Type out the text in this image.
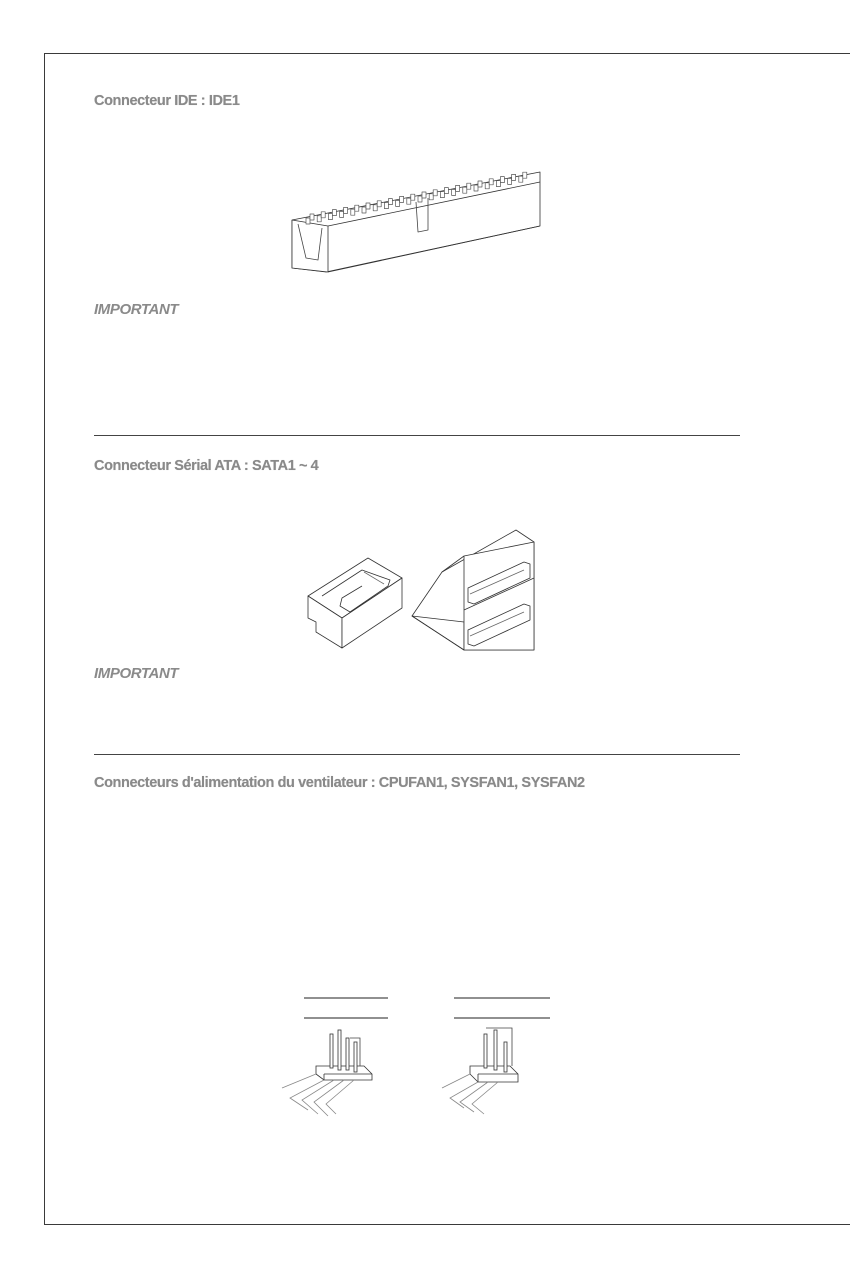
Connecteur IDE : IDE1
IMPORTANT
Connecteur Sérial ATA : SATA1 ~ 4
IMPORTANT
Connecteurs d'alimentation du ventilateur : CPUFAN1, SYSFAN1, SYSFAN2
